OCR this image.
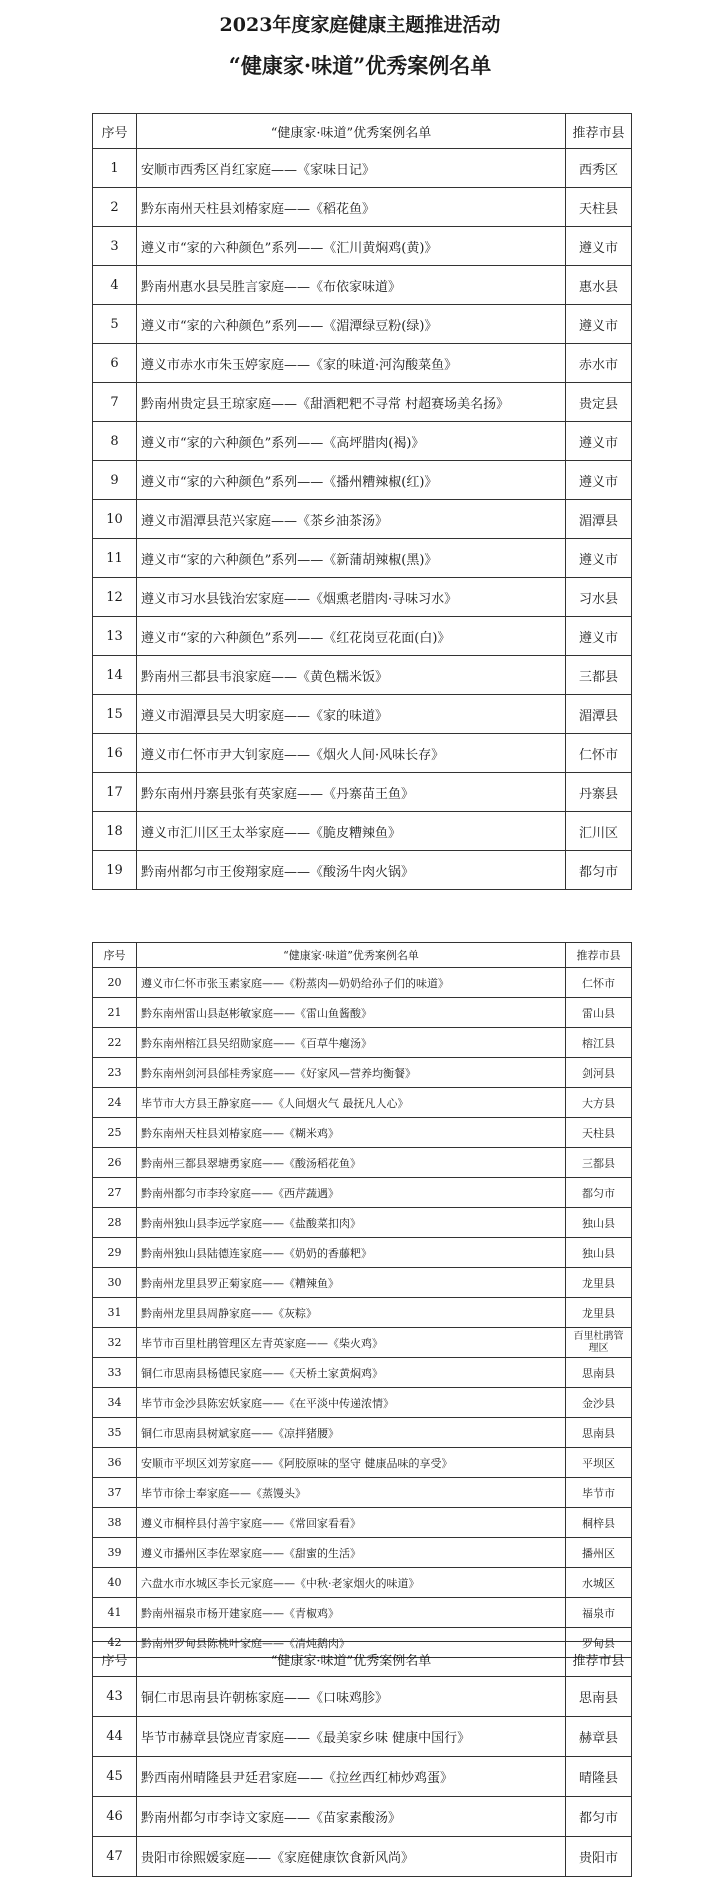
2023年度家庭健康主题推进活动
“健康家·味道”优秀案例名单
序号	“健康家·味道”优秀案例名单	推荐市县
1	安顺市西秀区肖红家庭——《家味日记》	西秀区
2	黔东南州天柱县刘椿家庭——《稻花鱼》	天柱县
3	遵义市“家的六种颜色”系列——《汇川黄焖鸡(黄)》	遵义市
4	黔南州惠水县吴胜言家庭——《布依家味道》	惠水县
5	遵义市“家的六种颜色”系列——《湄潭绿豆粉(绿)》	遵义市
6	遵义市赤水市朱玉婷家庭——《家的味道·河沟酸菜鱼》	赤水市
7	黔南州贵定县王琼家庭——《甜酒粑粑不寻常 村超赛场美名扬》	贵定县
8	遵义市“家的六种颜色”系列——《高坪腊肉(褐)》	遵义市
9	遵义市“家的六种颜色”系列——《播州糟辣椒(红)》	遵义市
10	遵义市湄潭县范兴家庭——《茶乡油茶汤》	湄潭县
11	遵义市“家的六种颜色”系列——《新蒲胡辣椒(黑)》	遵义市
12	遵义市习水县钱治宏家庭——《烟熏老腊肉·寻味习水》	习水县
13	遵义市“家的六种颜色”系列——《红花岗豆花面(白)》	遵义市
14	黔南州三都县韦浪家庭——《黄色糯米饭》	三都县
15	遵义市湄潭县吴大明家庭——《家的味道》	湄潭县
16	遵义市仁怀市尹大钊家庭——《烟火人间·风味长存》	仁怀市
17	黔东南州丹寨县张有英家庭——《丹寨苗王鱼》	丹寨县
18	遵义市汇川区王太举家庭——《脆皮糟辣鱼》	汇川区
19	黔南州都匀市王俊翔家庭——《酸汤牛肉火锅》	都匀市
序号	“健康家·味道”优秀案例名单	推荐市县
20	遵义市仁怀市张玉素家庭——《粉蒸肉—奶奶给孙子们的味道》	仁怀市
21	黔东南州雷山县赵彬敏家庭——《雷山鱼酱酸》	雷山县
22	黔东南州榕江县吴绍勋家庭——《百草牛瘪汤》	榕江县
23	黔东南州剑河县邰桂秀家庭——《好家风—营养均衡餐》	剑河县
24	毕节市大方县王静家庭——《人间烟火气 最抚凡人心》	大方县
25	黔东南州天柱县刘椿家庭——《糊米鸡》	天柱县
26	黔南州三都县翠塘勇家庭——《酸汤稻花鱼》	三都县
27	黔南州都匀市李玲家庭——《西芹蔬遇》	都匀市
28	黔南州独山县李远学家庭——《盐酸菜扣肉》	独山县
29	黔南州独山县陆德连家庭——《奶奶的香藤粑》	独山县
30	黔南州龙里县罗正菊家庭——《糟辣鱼》	龙里县
31	黔南州龙里县周静家庭——《灰粽》	龙里县
32	毕节市百里杜鹃管理区左青英家庭——《柴火鸡》	百里杜鹃管理区
33	铜仁市思南县杨德民家庭——《天桥土家黄焖鸡》	思南县
34	毕节市金沙县陈宏妖家庭——《在平淡中传递浓情》	金沙县
35	铜仁市思南县树斌家庭——《凉拌猪腰》	思南县
36	安顺市平坝区刘芳家庭——《阿胶原味的坚守 健康品味的享受》	平坝区
37	毕节市徐士奉家庭——《蒸馒头》	毕节市
38	遵义市桐梓县付善宇家庭——《常回家看看》	桐梓县
39	遵义市播州区李佐翠家庭——《甜蜜的生活》	播州区
40	六盘水市水城区李长元家庭——《中秋·老家烟火的味道》	水城区
41	黔南州福泉市杨开建家庭——《青椒鸡》	福泉市
42	黔南州罗甸县陈桃叶家庭——《清炖鹅肉》	罗甸县
序号	“健康家·味道”优秀案例名单	推荐市县
43	铜仁市思南县许朝栋家庭——《口味鸡胗》	思南县
44	毕节市赫章县饶应青家庭——《最美家乡味 健康中国行》	赫章县
45	黔西南州晴隆县尹廷君家庭——《拉丝西红柿炒鸡蛋》	晴隆县
46	黔南州都匀市李诗文家庭——《苗家素酸汤》	都匀市
47	贵阳市徐熙媛家庭——《家庭健康饮食新风尚》	贵阳市
